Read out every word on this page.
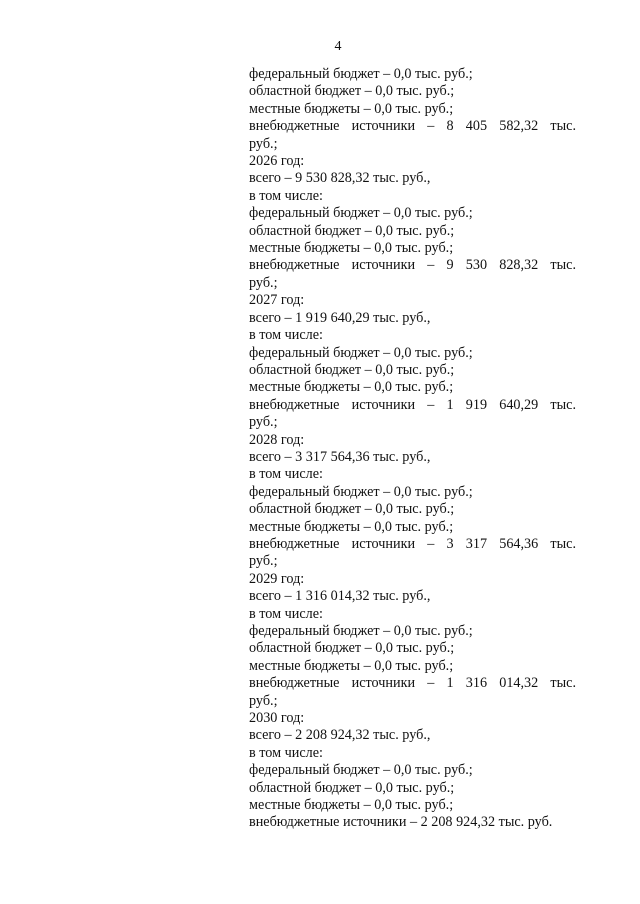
4
федеральный бюджет – 0,0 тыс. руб.;
областной бюджет – 0,0 тыс. руб.;
местные бюджеты – 0,0 тыс. руб.;
внебюджетные источники – 8 405 582,32 тыс.
руб.;
2026 год:
всего – 9 530 828,32 тыс. руб.,
в том числе:
федеральный бюджет – 0,0 тыс. руб.;
областной бюджет – 0,0 тыс. руб.;
местные бюджеты – 0,0 тыс. руб.;
внебюджетные источники – 9 530 828,32 тыс.
руб.;
2027 год:
всего – 1 919 640,29 тыс. руб.,
в том числе:
федеральный бюджет – 0,0 тыс. руб.;
областной бюджет – 0,0 тыс. руб.;
местные бюджеты – 0,0 тыс. руб.;
внебюджетные источники – 1 919 640,29 тыс.
руб.;
2028 год:
всего – 3 317 564,36 тыс. руб.,
в том числе:
федеральный бюджет – 0,0 тыс. руб.;
областной бюджет – 0,0 тыс. руб.;
местные бюджеты – 0,0 тыс. руб.;
внебюджетные источники – 3 317 564,36 тыс.
руб.;
2029 год:
всего – 1 316 014,32 тыс. руб.,
в том числе:
федеральный бюджет – 0,0 тыс. руб.;
областной бюджет – 0,0 тыс. руб.;
местные бюджеты – 0,0 тыс. руб.;
внебюджетные источники – 1 316 014,32 тыс.
руб.;
2030 год:
всего – 2 208 924,32 тыс. руб.,
в том числе:
федеральный бюджет – 0,0 тыс. руб.;
областной бюджет – 0,0 тыс. руб.;
местные бюджеты – 0,0 тыс. руб.;
внебюджетные источники – 2 208 924,32 тыс. руб.
